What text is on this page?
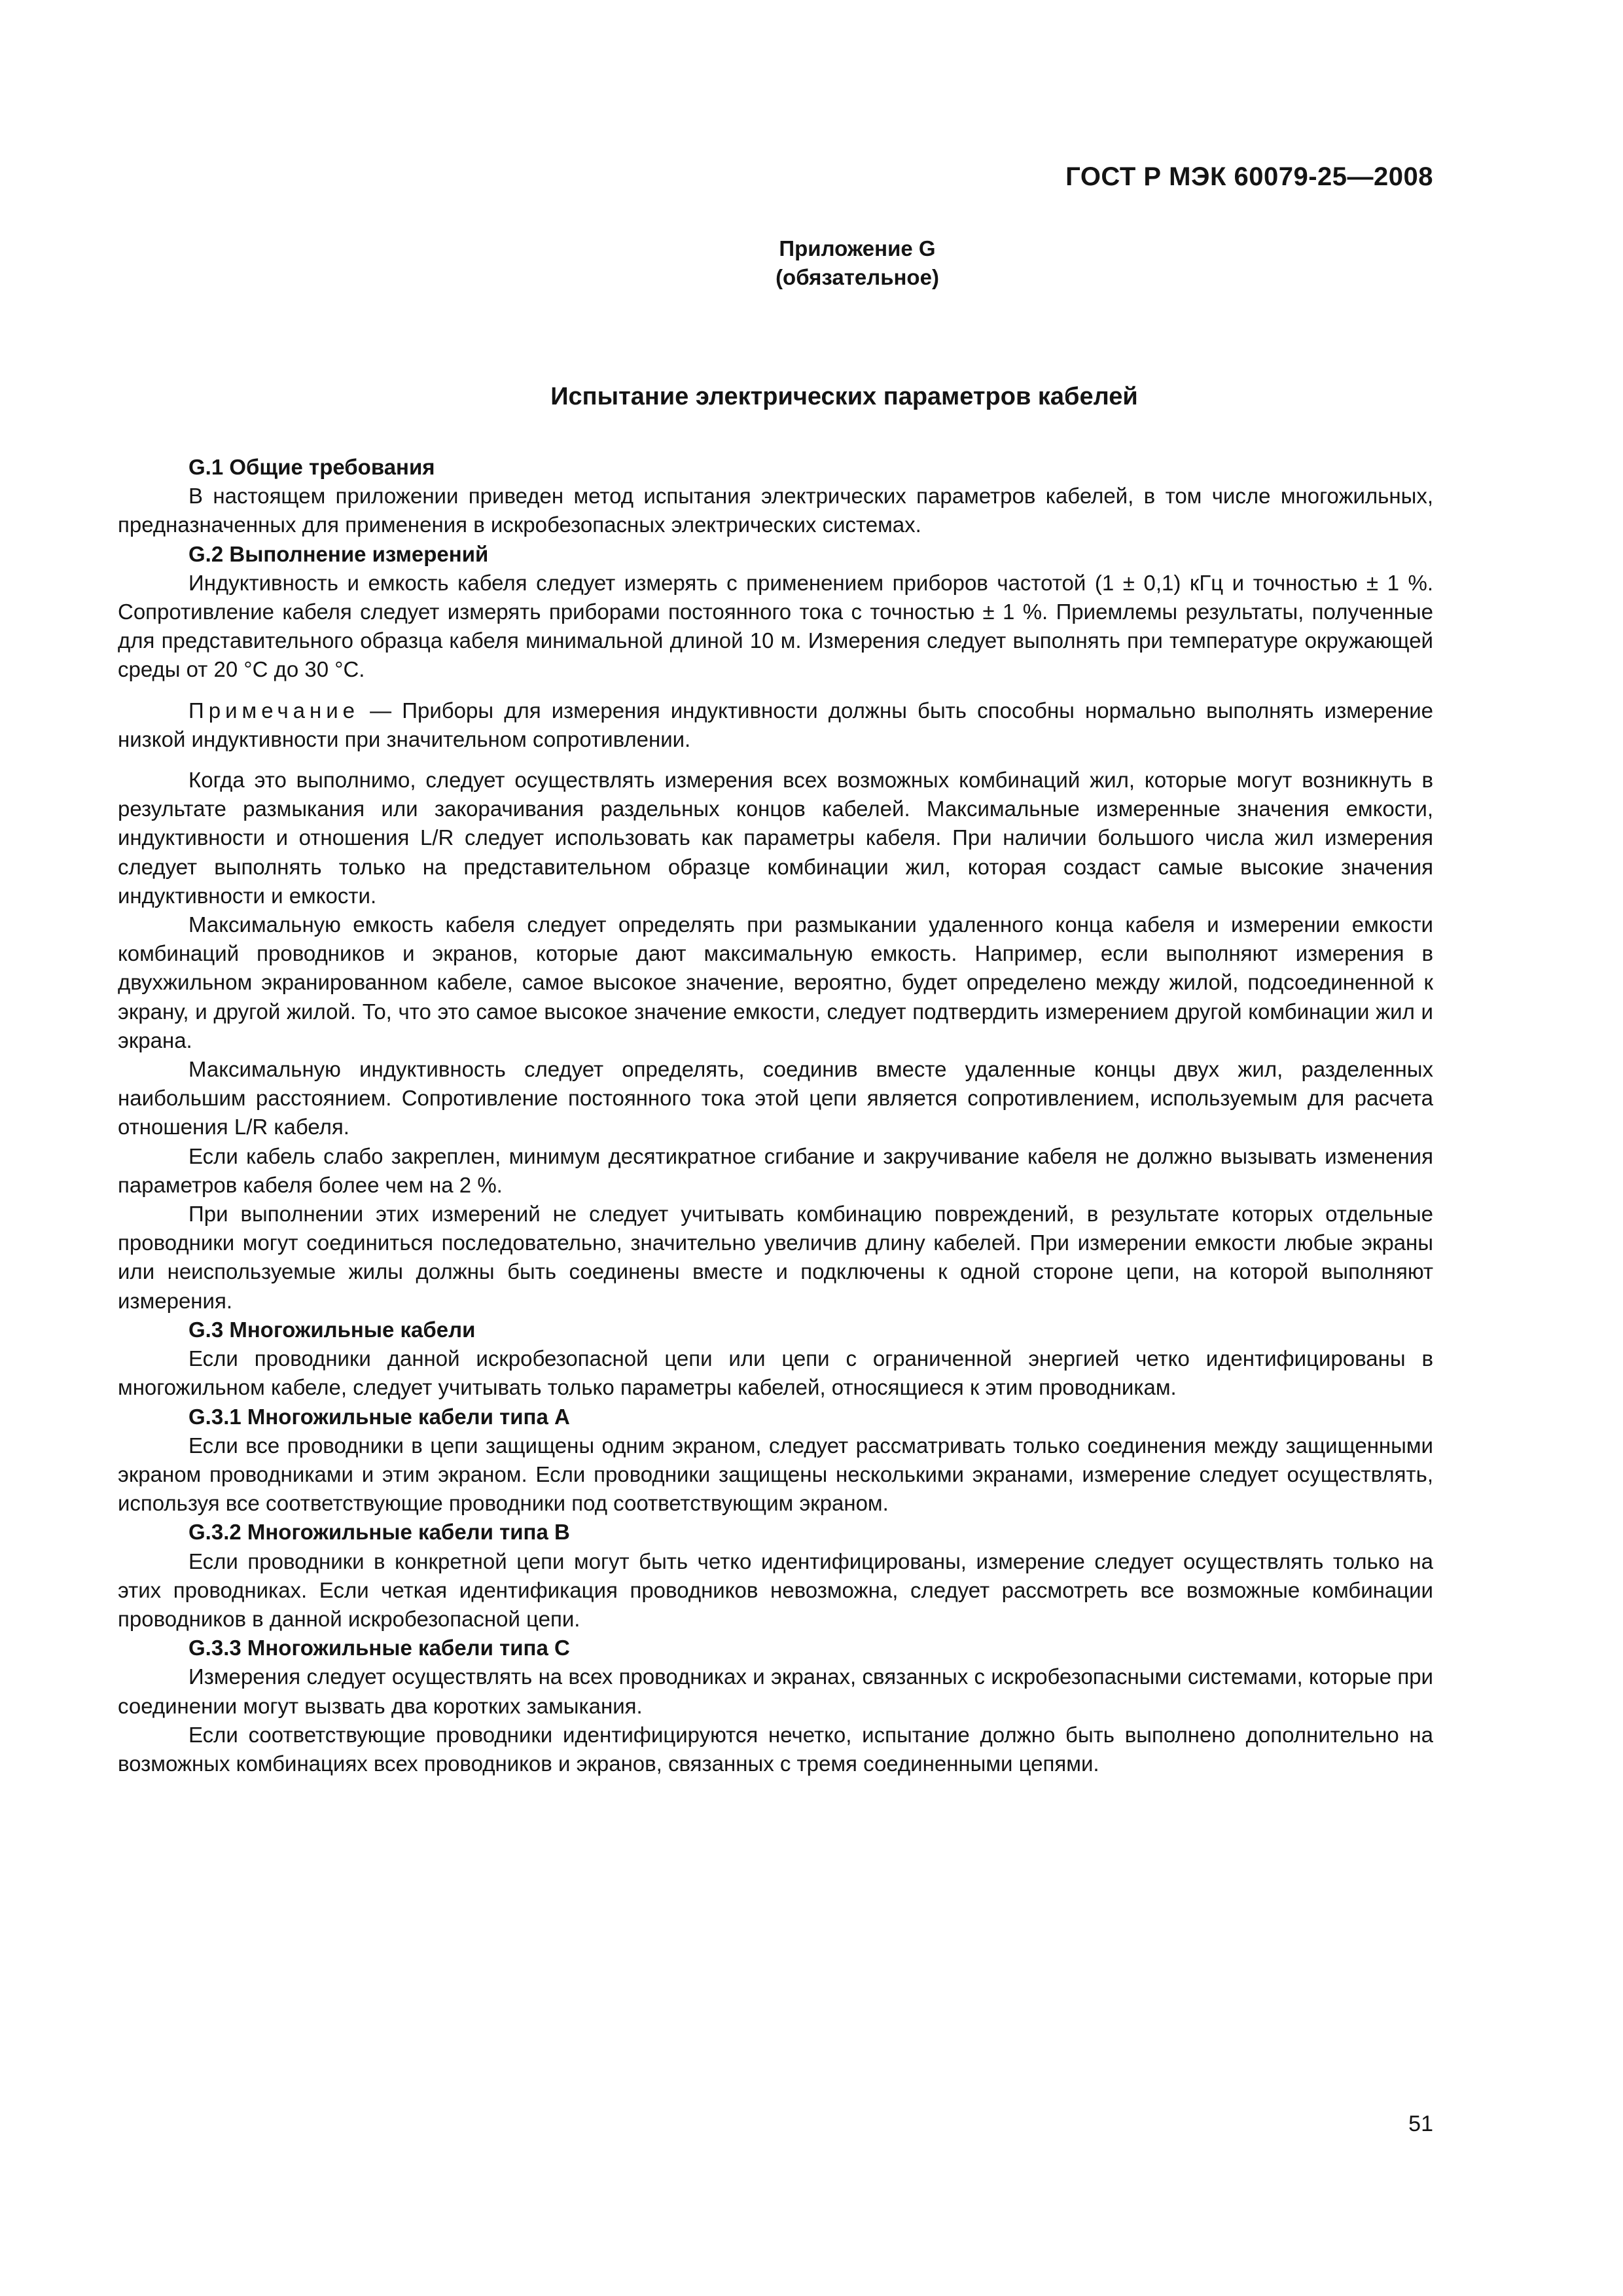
ГОСТ Р МЭК 60079-25—2008
Приложение G
(обязательное)
Испытание электрических параметров кабелей
G.1 Общие требования

В настоящем приложении приведен метод испытания электрических параметров кабелей, в том числе многожильных, предназначенных для применения в искробезопасных электрических системах.

G.2 Выполнение измерений

Индуктивность и емкость кабеля следует измерять с применением приборов частотой (1 ± 0,1) кГц и точностью ± 1 %. Сопротивление кабеля следует измерять приборами постоянного тока с точностью ± 1 %. Приемлемы результаты, полученные для представительного образца кабеля минимальной длиной 10 м. Измерения следует выполнять при температуре окружающей среды от 20 °С до 30 °С.

Примечание — Приборы для измерения индуктивности должны быть способны нормально выполнять измерение низкой индуктивности при значительном сопротивлении.

Когда это выполнимо, следует осуществлять измерения всех возможных комбинаций жил, которые могут возникнуть в результате размыкания или закорачивания раздельных концов кабелей. Максимальные измеренные значения емкости, индуктивности и отношения L/R следует использовать как параметры кабеля. При наличии большого числа жил измерения следует выполнять только на представительном образце комбинации жил, которая создаст самые высокие значения индуктивности и емкости.

Максимальную емкость кабеля следует определять при размыкании удаленного конца кабеля и измерении емкости комбинаций проводников и экранов, которые дают максимальную емкость. Например, если выполняют измерения в двухжильном экранированном кабеле, самое высокое значение, вероятно, будет определено между жилой, подсоединенной к экрану, и другой жилой. То, что это самое высокое значение емкости, следует подтвердить измерением другой комбинации жил и экрана.

Максимальную индуктивность следует определять, соединив вместе удаленные концы двух жил, разделенных наибольшим расстоянием. Сопротивление постоянного тока этой цепи является сопротивлением, используемым для расчета отношения L/R кабеля.

Если кабель слабо закреплен, минимум десятикратное сгибание и закручивание кабеля не должно вызывать изменения параметров кабеля более чем на 2 %.

При выполнении этих измерений не следует учитывать комбинацию повреждений, в результате которых отдельные проводники могут соединиться последовательно, значительно увеличив длину кабелей. При измерении емкости любые экраны или неиспользуемые жилы должны быть соединены вместе и подключены к одной стороне цепи, на которой выполняют измерения.

G.3 Многожильные кабели

Если проводники данной искробезопасной цепи или цепи с ограниченной энергией четко идентифицированы в многожильном кабеле, следует учитывать только параметры кабелей, относящиеся к этим проводникам.

G.3.1 Многожильные кабели типа А

Если все проводники в цепи защищены одним экраном, следует рассматривать только соединения между защищенными экраном проводниками и этим экраном. Если проводники защищены несколькими экранами, измерение следует осуществлять, используя все соответствующие проводники под соответствующим экраном.

G.3.2 Многожильные кабели типа В

Если проводники в конкретной цепи могут быть четко идентифицированы, измерение следует осуществлять только на этих проводниках. Если четкая идентификация проводников невозможна, следует рассмотреть все возможные комбинации проводников в данной искробезопасной цепи.

G.3.3 Многожильные кабели типа С

Измерения следует осуществлять на всех проводниках и экранах, связанных с искробезопасными системами, которые при соединении могут вызвать два коротких замыкания.

Если соответствующие проводники идентифицируются нечетко, испытание должно быть выполнено дополнительно на возможных комбинациях всех проводников и экранов, связанных с тремя соединенными цепями.

51
